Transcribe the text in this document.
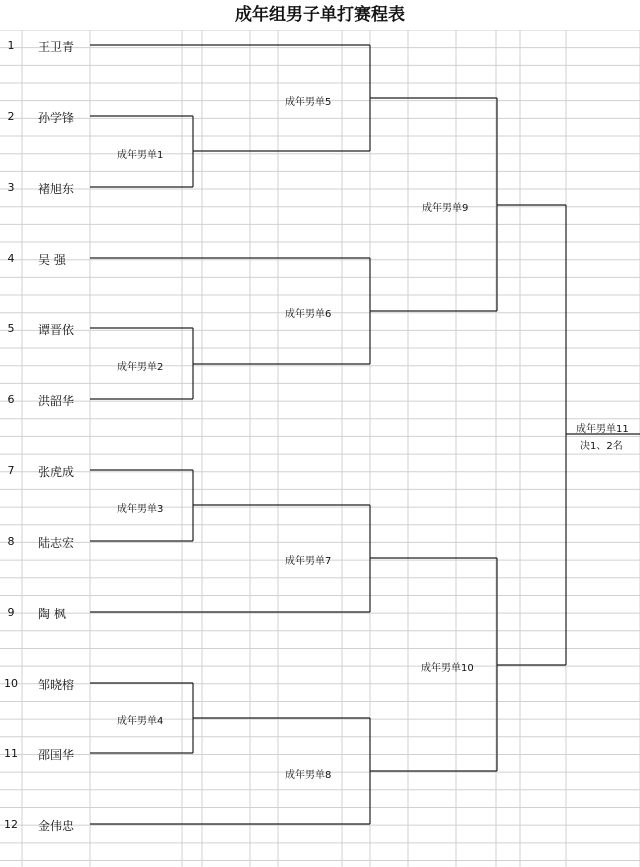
成年组男子单打赛程表
1
2
3
4
5
6
7
8
9
10
11
12
王卫青
孙学锋
褚旭东
吴 强
谭晋依
洪韶华
张虎成
陆志宏
陶 枫
邹晓榕
邵国华
金伟忠
成年男单1
成年男单2
成年男单3
成年男单4
成年男单5
成年男单6
成年男单7
成年男单8
成年男单9
成年男单10
成年男单11
决1、2名
